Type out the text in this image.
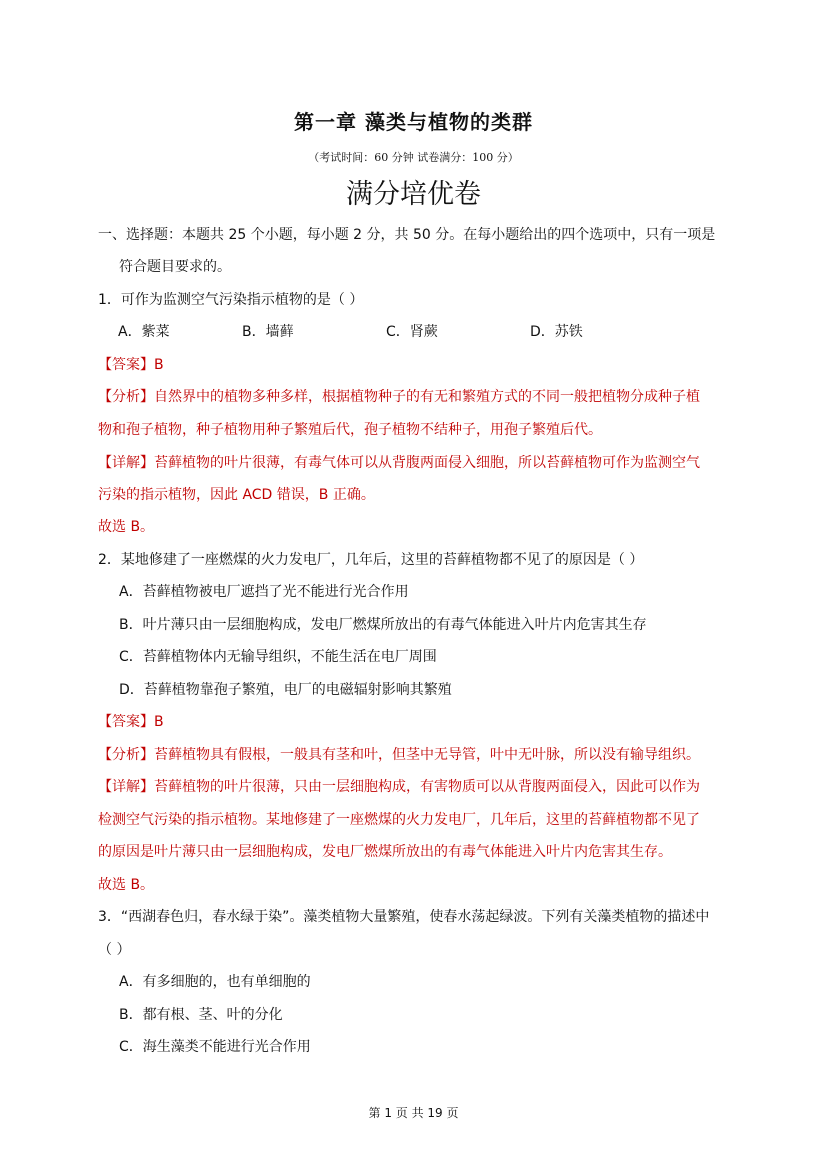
第一章 藻类与植物的类群
（考试时间：60 分钟 试卷满分：100 分）
满分培优卷
一、选择题：本题共 25 个小题，每小题 2 分，共 50 分。在每小题给出的四个选项中，只有一项是
符合题目要求的。
1．可作为监测空气污染指示植物的是（ ）
A．紫菜	B．墙藓	C．肾蕨	D．苏铁
【答案】B
【分析】自然界中的植物多种多样，根据植物种子的有无和繁殖方式的不同一般把植物分成种子植
物和孢子植物，种子植物用种子繁殖后代，孢子植物不结种子，用孢子繁殖后代。
【详解】苔藓植物的叶片很薄，有毒气体可以从背腹两面侵入细胞，所以苔藓植物可作为监测空气
污染的指示植物，因此 ACD 错误，B 正确。
故选 B。
2．某地修建了一座燃煤的火力发电厂，几年后，这里的苔藓植物都不见了的原因是（ ）
A．苔藓植物被电厂遮挡了光不能进行光合作用
B．叶片薄只由一层细胞构成，发电厂燃煤所放出的有毒气体能进入叶片内危害其生存
C．苔藓植物体内无输导组织，不能生活在电厂周围
D．苔藓植物靠孢子繁殖，电厂的电磁辐射影响其繁殖
【答案】B
【分析】苔藓植物具有假根，一般具有茎和叶，但茎中无导管，叶中无叶脉，所以没有输导组织。
【详解】苔藓植物的叶片很薄，只由一层细胞构成，有害物质可以从背腹两面侵入，因此可以作为
检测空气污染的指示植物。某地修建了一座燃煤的火力发电厂，几年后，这里的苔藓植物都不见了
的原因是叶片薄只由一层细胞构成，发电厂燃煤所放出的有毒气体能进入叶片内危害其生存。
故选 B。
3．“西湖春色归，春水绿于染”。藻类植物大量繁殖，使春水荡起绿波。下列有关藻类植物的描述中
（ ）
A．有多细胞的，也有单细胞的
B．都有根、茎、叶的分化
C．海生藻类不能进行光合作用
第 1 页 共 19 页
